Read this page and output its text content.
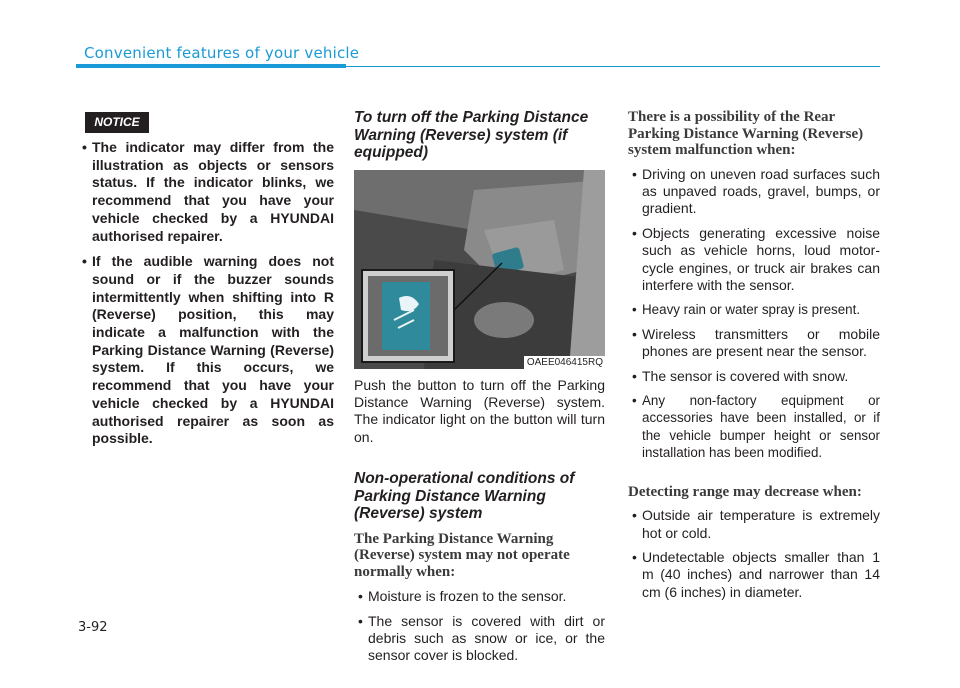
Convenient features of your vehicle
NOTICE
• The indicator may differ from the illustration as objects or sensors status. If the indicator blinks, we recommend that you have your vehicle checked by a HYUNDAI authorised repairer.
• If the audible warning does not sound or if the buzzer sounds intermittently when shifting into R (Reverse) position, this may indicate a malfunction with the Parking Distance Warning (Reverse) system. If this occurs, we recommend that you have your vehicle checked by a HYUNDAI authorised repairer as soon as possible.
To turn off the Parking Distance Warning (Reverse) system (if equipped)
OAEE046415RQ

Push the button to turn off the Parking Distance Warning (Reverse) system. The indicator light on the button will turn on.

Non-operational conditions of Parking Distance Warning (Reverse) system
The Parking Distance Warning (Reverse) system may not operate normally when:
• Moisture is frozen to the sensor.
• The sensor is covered with dirt or debris such as snow or ice, or the sensor cover is blocked.
There is a possibility of the Rear Parking Distance Warning (Reverse) system malfunction when:
• Driving on uneven road surfaces such as unpaved roads, gravel, bumps, or gradient.
• Objects generating excessive noise such as vehicle horns, loud motor-cycle engines, or truck air brakes can interfere with the sensor.
• Heavy rain or water spray is present.
• Wireless transmitters or mobile phones are present near the sensor.
• The sensor is covered with snow.
• Any non-factory equipment or accessories have been installed, or if the vehicle bumper height or sensor installation has been modified.
Detecting range may decrease when:
• Outside air temperature is extremely hot or cold.
• Undetectable objects smaller than 1 m (40 inches) and narrower than 14 cm (6 inches) in diameter.
3-92
